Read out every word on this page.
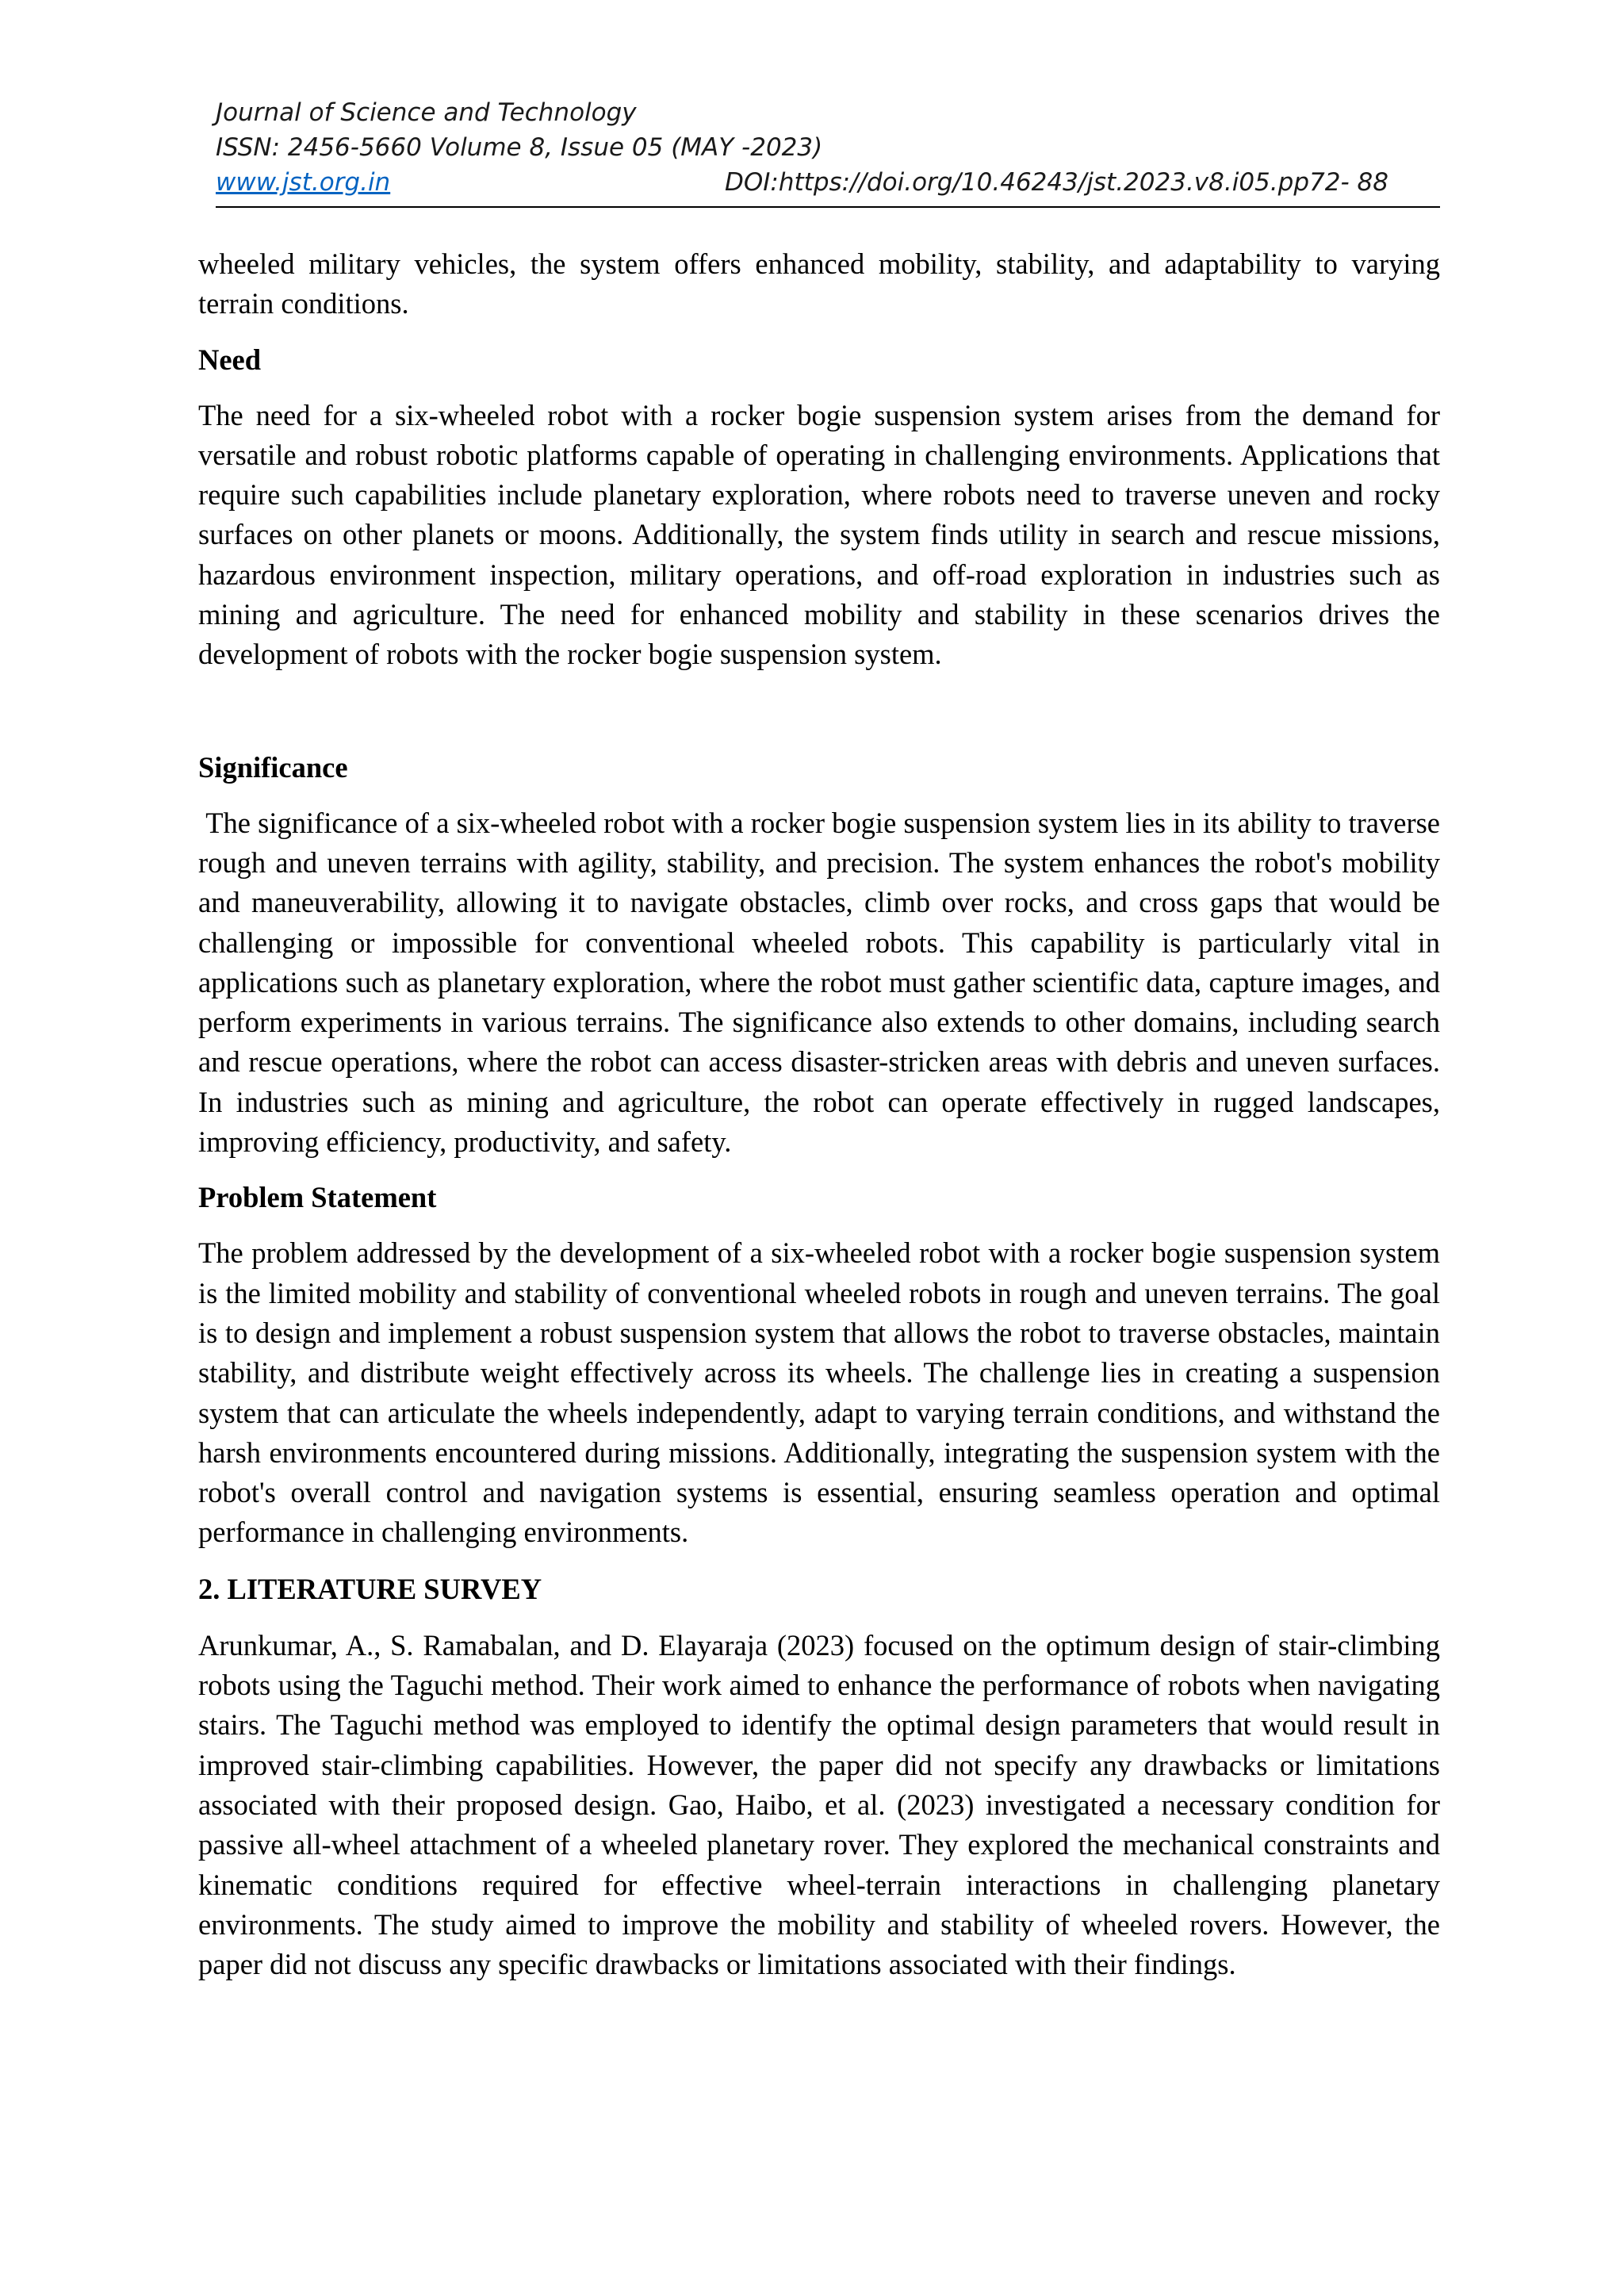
Journal of Science and Technology
ISSN: 2456-5660 Volume 8, Issue 05 (MAY -2023)
www.jst.org.in	DOI:https://doi.org/10.46243/jst.2023.v8.i05.pp72- 88

wheeled military vehicles, the system offers enhanced mobility, stability, and adaptability to varying terrain conditions.

Need

The need for a six-wheeled robot with a rocker bogie suspension system arises from the demand for versatile and robust robotic platforms capable of operating in challenging environments. Applications that require such capabilities include planetary exploration, where robots need to traverse uneven and rocky surfaces on other planets or moons. Additionally, the system finds utility in search and rescue missions, hazardous environment inspection, military operations, and off-road exploration in industries such as mining and agriculture. The need for enhanced mobility and stability in these scenarios drives the development of robots with the rocker bogie suspension system.

Significance

The significance of a six-wheeled robot with a rocker bogie suspension system lies in its ability to traverse rough and uneven terrains with agility, stability, and precision. The system enhances the robot's mobility and maneuverability, allowing it to navigate obstacles, climb over rocks, and cross gaps that would be challenging or impossible for conventional wheeled robots. This capability is particularly vital in applications such as planetary exploration, where the robot must gather scientific data, capture images, and perform experiments in various terrains. The significance also extends to other domains, including search and rescue operations, where the robot can access disaster-stricken areas with debris and uneven surfaces. In industries such as mining and agriculture, the robot can operate effectively in rugged landscapes, improving efficiency, productivity, and safety.

Problem Statement

The problem addressed by the development of a six-wheeled robot with a rocker bogie suspension system is the limited mobility and stability of conventional wheeled robots in rough and uneven terrains. The goal is to design and implement a robust suspension system that allows the robot to traverse obstacles, maintain stability, and distribute weight effectively across its wheels. The challenge lies in creating a suspension system that can articulate the wheels independently, adapt to varying terrain conditions, and withstand the harsh environments encountered during missions. Additionally, integrating the suspension system with the robot's overall control and navigation systems is essential, ensuring seamless operation and optimal performance in challenging environments.

2. LITERATURE SURVEY

Arunkumar, A., S. Ramabalan, and D. Elayaraja (2023) focused on the optimum design of stair-climbing robots using the Taguchi method. Their work aimed to enhance the performance of robots when navigating stairs. The Taguchi method was employed to identify the optimal design parameters that would result in improved stair-climbing capabilities. However, the paper did not specify any drawbacks or limitations associated with their proposed design. Gao, Haibo, et al. (2023) investigated a necessary condition for passive all-wheel attachment of a wheeled planetary rover. They explored the mechanical constraints and kinematic conditions required for effective wheel-terrain interactions in challenging planetary environments. The study aimed to improve the mobility and stability of wheeled rovers. However, the paper did not discuss any specific drawbacks or limitations associated with their findings.
